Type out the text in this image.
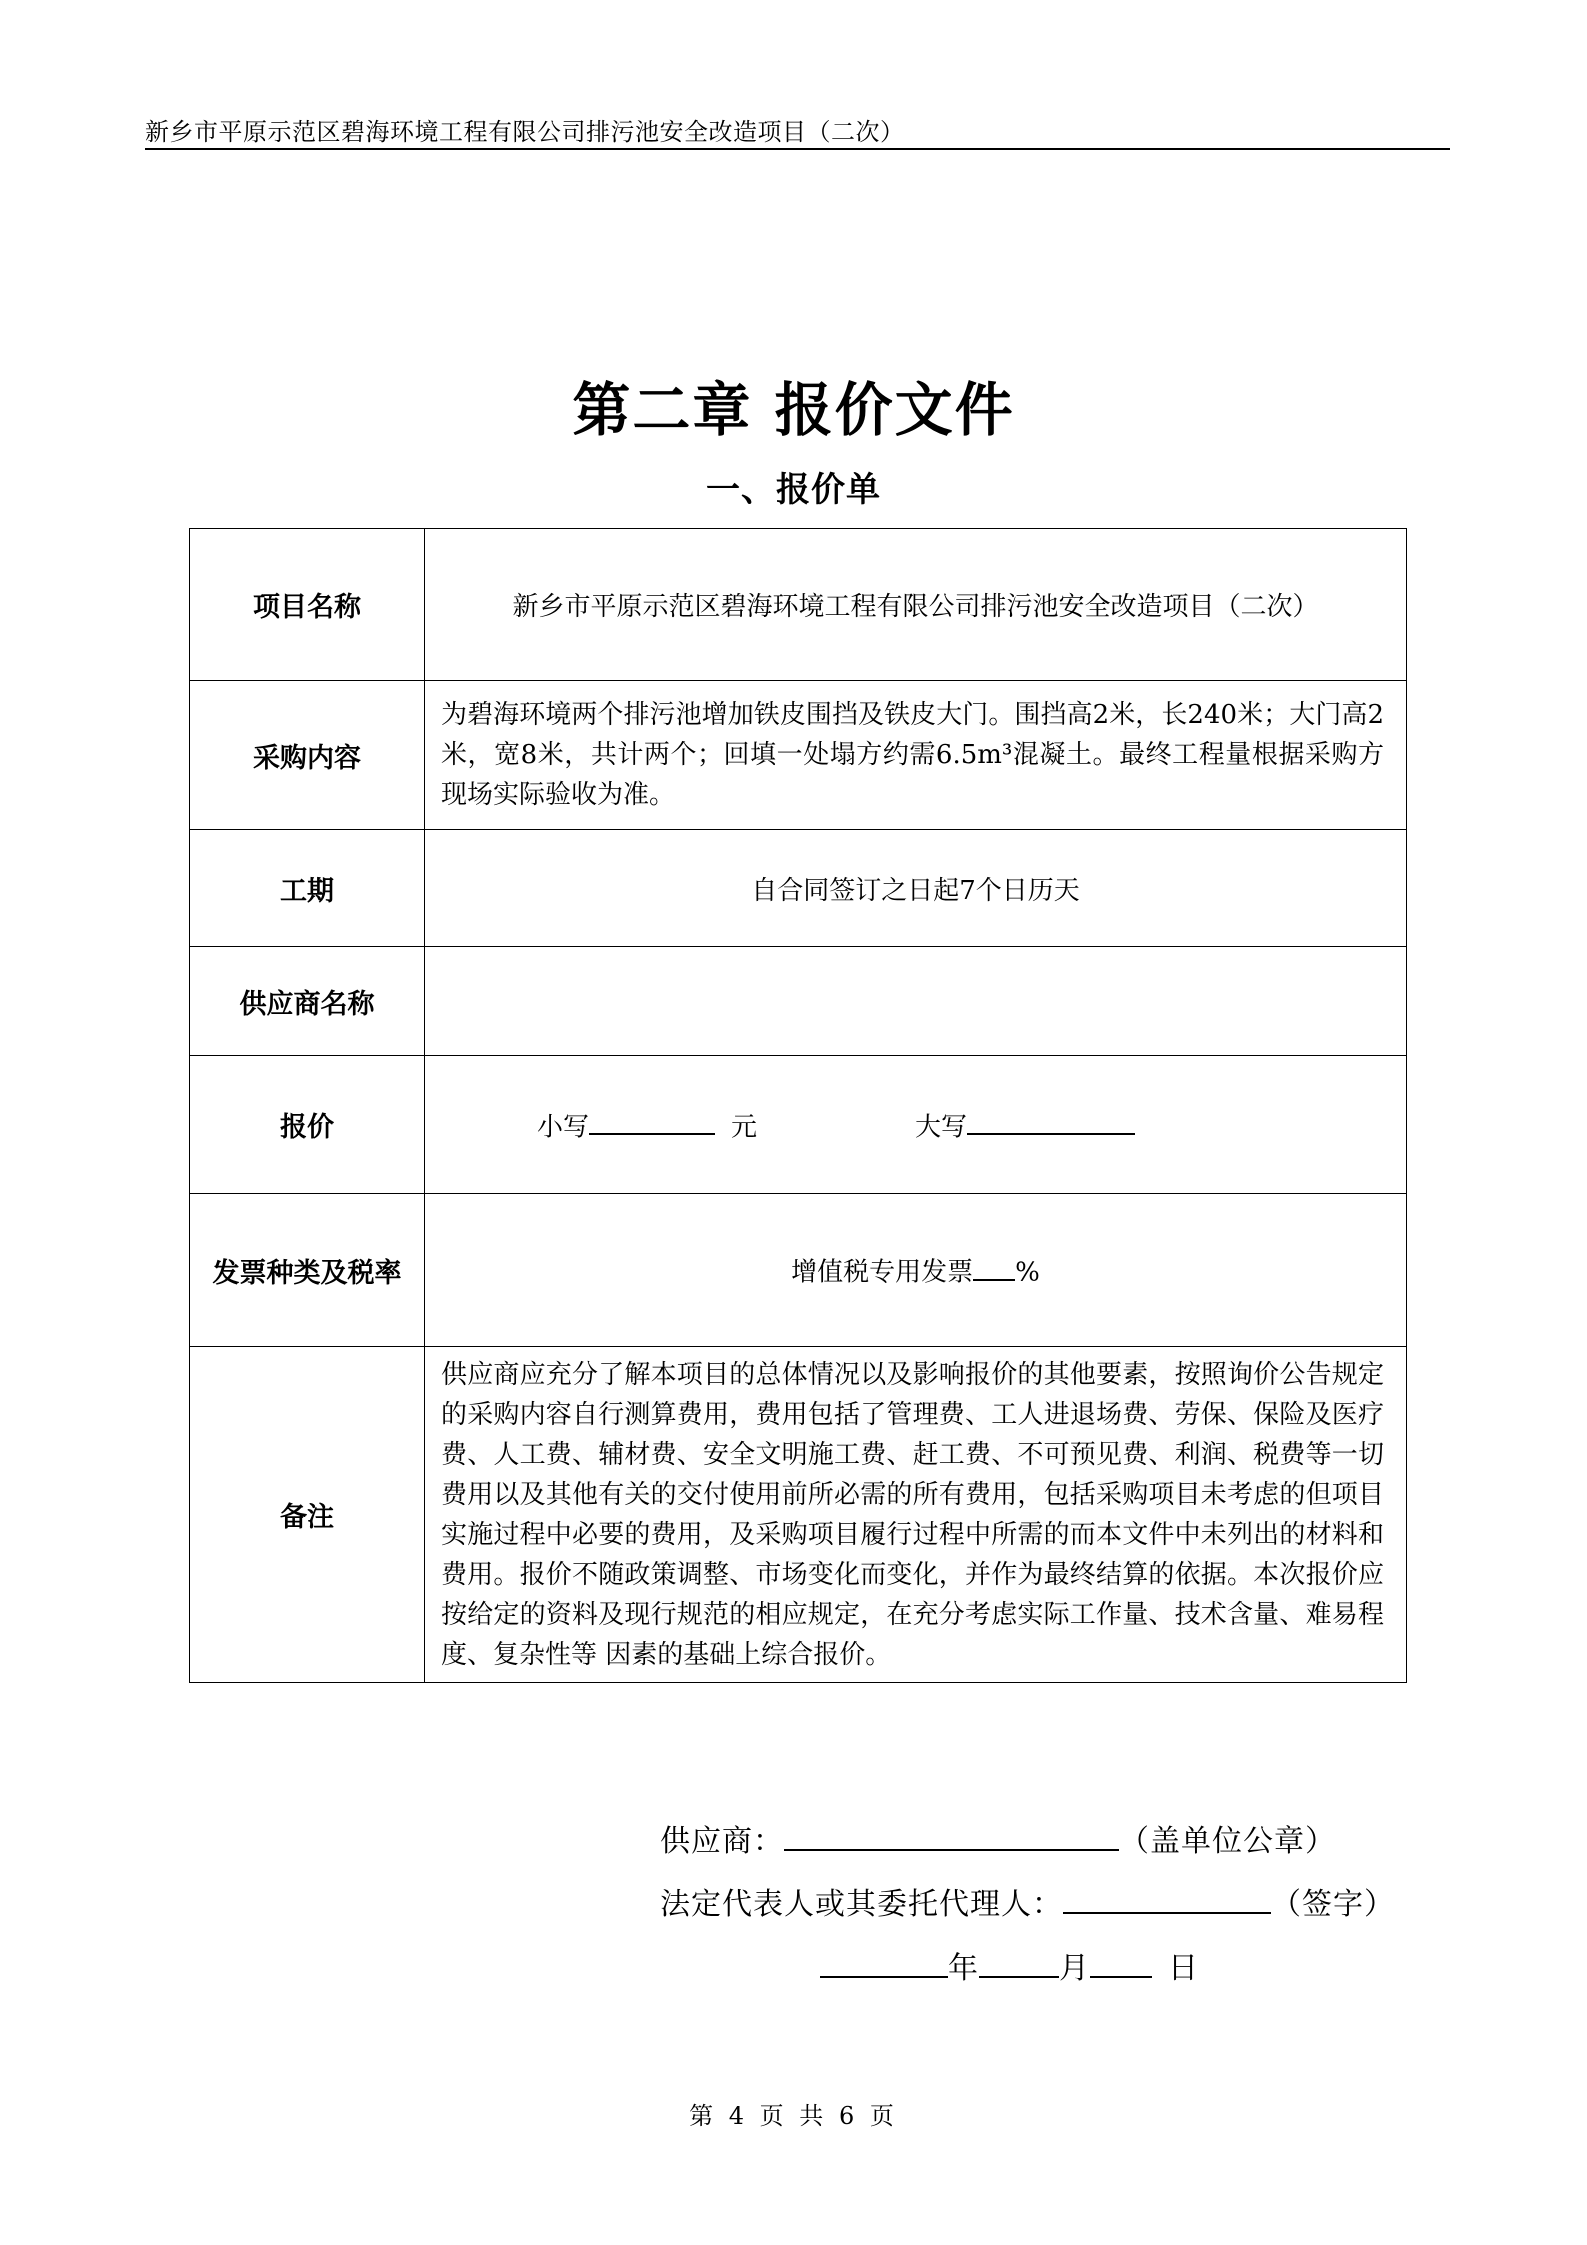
新乡市平原示范区碧海环境工程有限公司排污池安全改造项目（二次）
第二章 报价文件
一、报价单
项目名称	新乡市平原示范区碧海环境工程有限公司排污池安全改造项目（二次）
采购内容	为碧海环境两个排污池增加铁皮围挡及铁皮大门。围挡高2米，长240米；大门高2米，宽8米，共计两个；回填一处塌方约需6.5m³混凝土。最终工程量根据采购方现场实际验收为准。

工期	自合同签订之日起7个日历天
供应商名称	
报价	小写 元 大写

发票种类及税率	增值税专用发票 %
备注	供应商应充分了解本项目的总体情况以及影响报价的其他要素，按照询价公告规定的采购内容自行测算费用，费用包括了管理费、工人进退场费、劳保、保险及医疗费、人工费、辅材费、安全文明施工费、赶工费、不可预见费、利润、税费等一切费用以及其他有关的交付使用前所必需的所有费用，包括采购项目未考虑的但项目实施过程中必要的费用，及采购项目履行过程中所需的而本文件中未列出的材料和费用。报价不随政策调整、市场变化而变化，并作为最终结算的依据。本次报价应按给定的资料及现行规范的相应规定，在充分考虑实际工作量、技术含量、难易程度、复杂性等 因素的基础上综合报价。
供应商：	（盖单位公章）
法定代表人或其委托代理人：	（签字）
年	月	日
第 4 页 共 6 页
